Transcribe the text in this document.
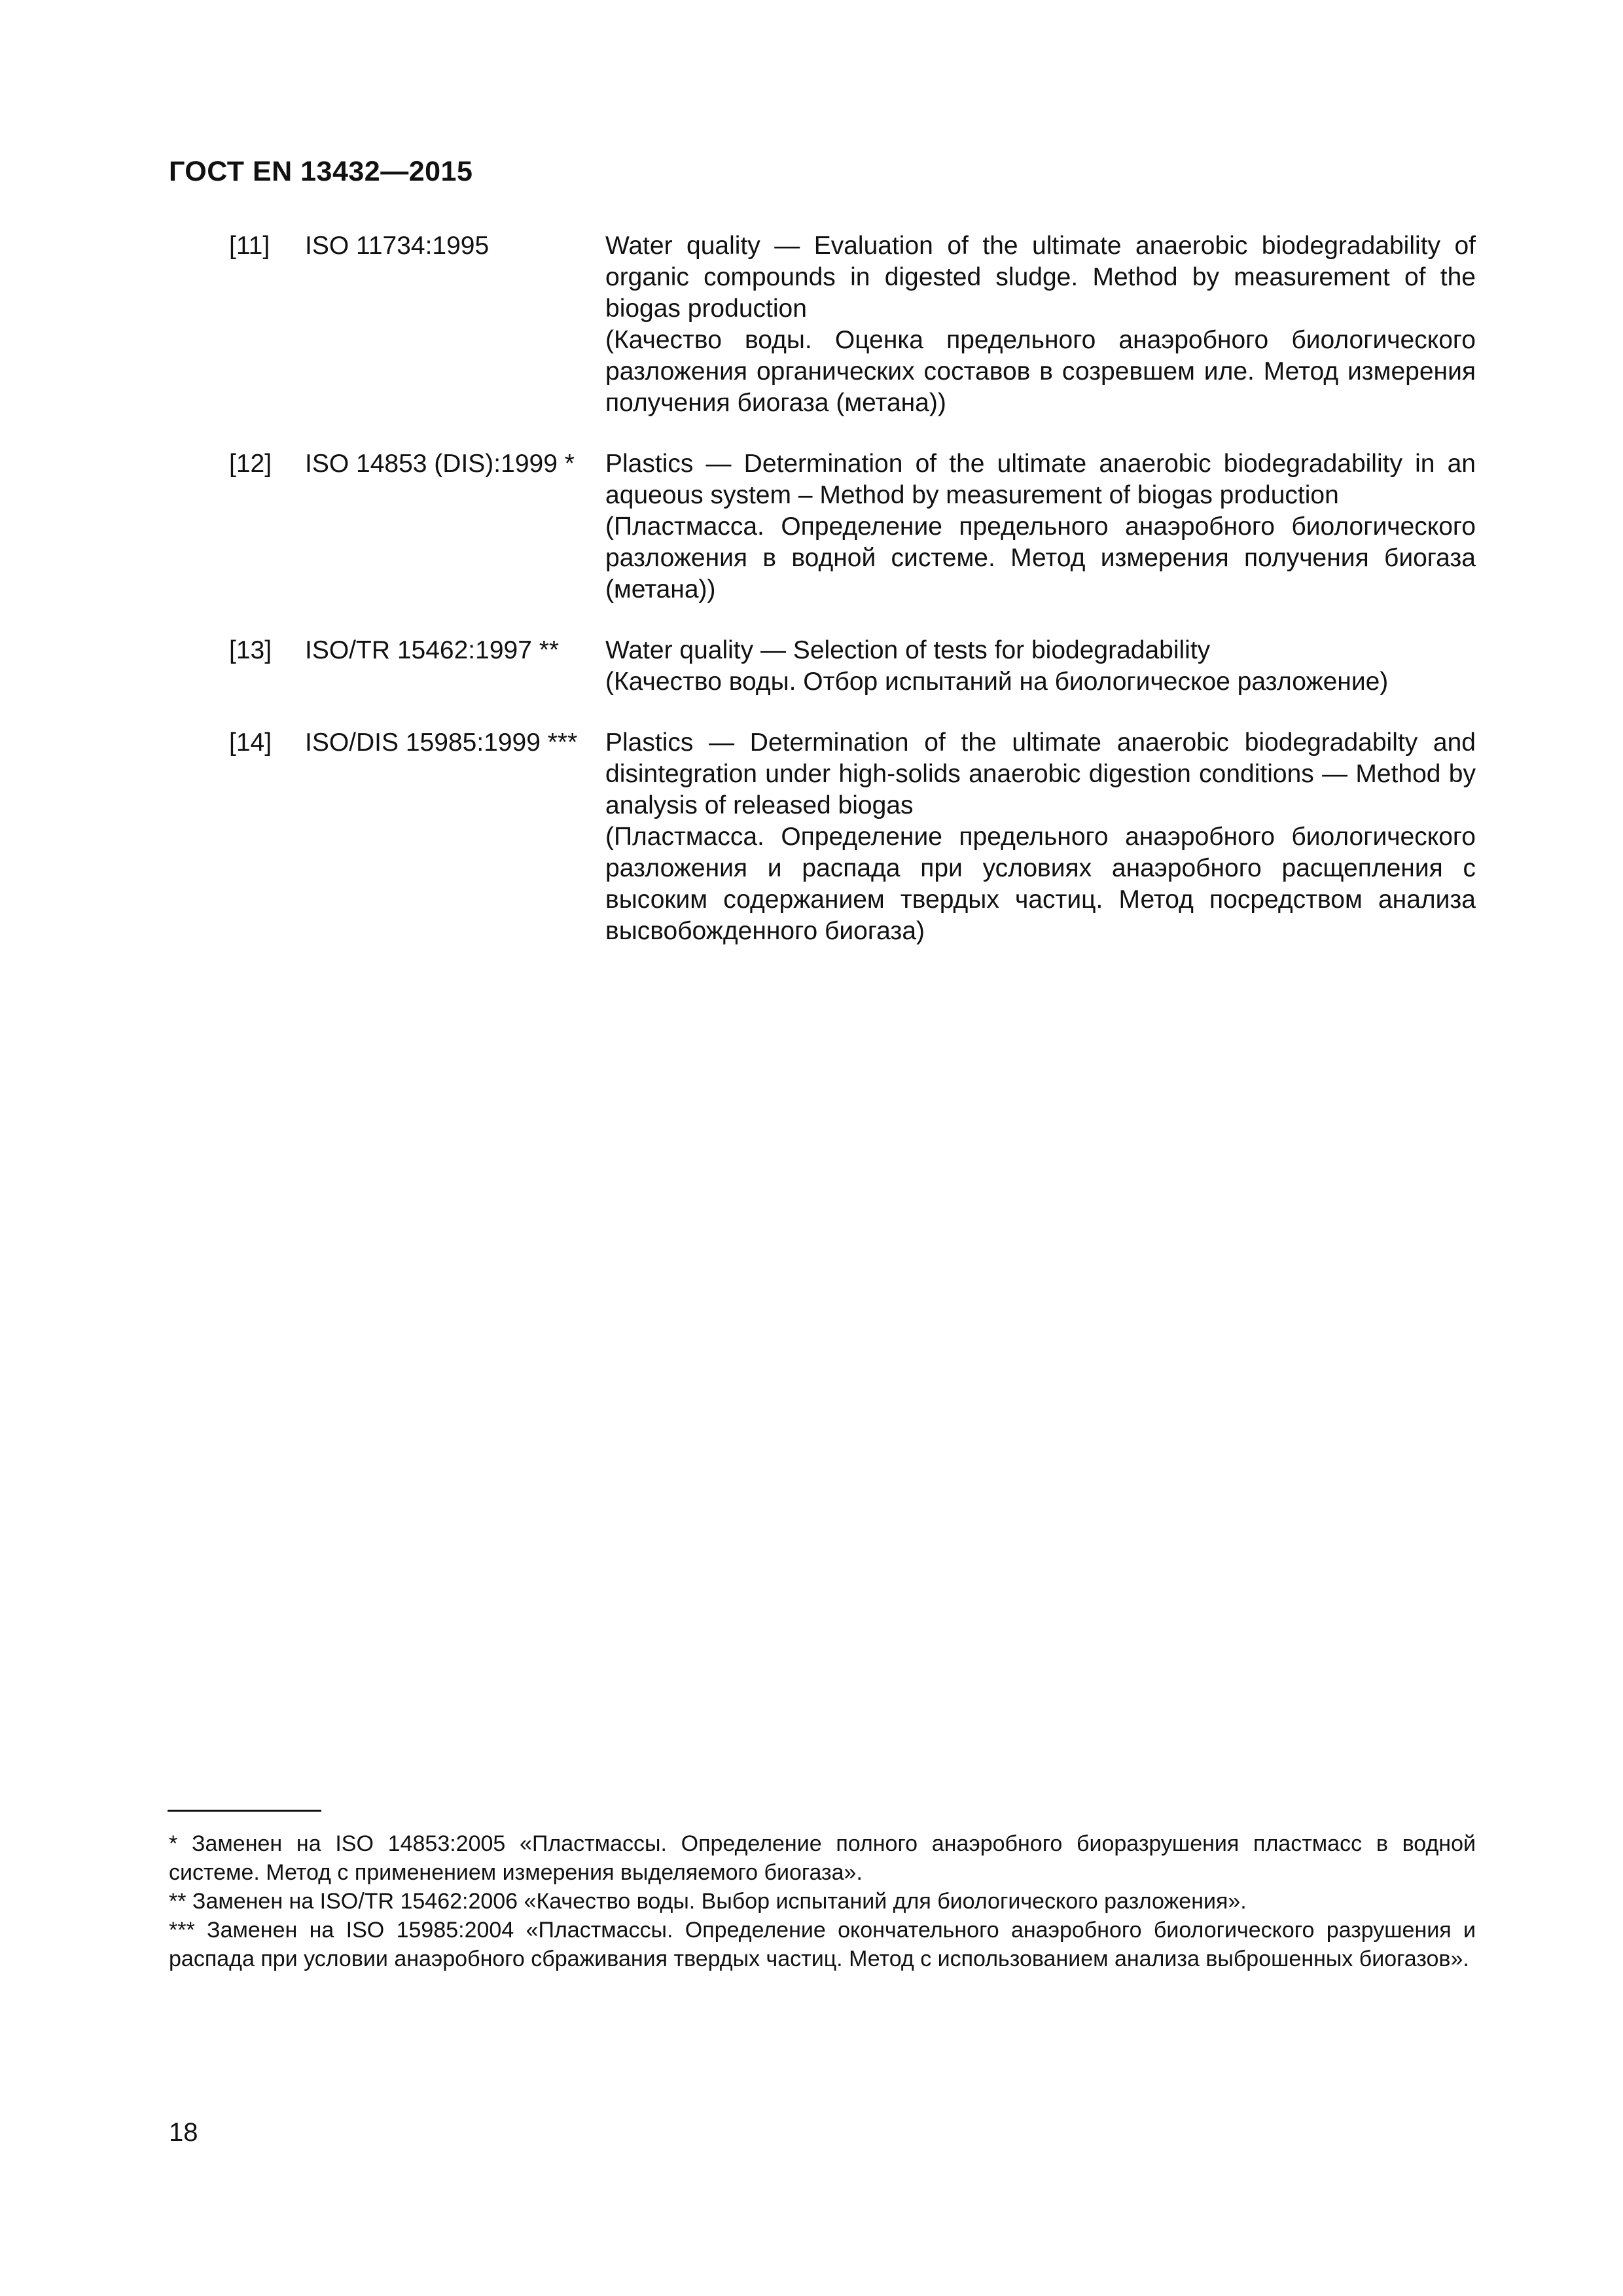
ГОСТ EN 13432—2015
[11] ISO 11734:1995	Water quality — Evaluation of the ultimate anaerobic biodegradability of organic compounds in digested sludge. Method by measurement of the biogas production

(Качество воды. Оценка предельного анаэробного биологического разложения органических составов в созревшем иле. Метод измерения получения биогаза (метана))

[12] ISO 14853 (DIS):1999 * Plastics — Determination of the ultimate anaerobic biodegradability in an aqueous system – Method by measurement of biogas production

(Пластмасса. Определение предельного анаэробного биологического разложения в водной системе. Метод измерения получения биогаза (метана))

[13] ISO/TR 15462:1997 ** Water quality — Selection of tests for biodegradability

(Качество воды. Отбор испытаний на биологическое разложение)

[14] ISO/DIS 15985:1999 *** Plastics — Determination of the ultimate anaerobic biodegradabilty and disintegration under high-solids anaerobic digestion conditions — Method by analysis of released biogas

(Пластмасса. Определение предельного анаэробного биологического разложения и распада при условиях анаэробного расщепления с высоким содержанием твердых частиц. Метод посредством анализа высвобожденного биогаза)

* Заменен на ISO 14853:2005 «Пластмассы. Определение полного анаэробного биоразрушения пластмасс в водной системе. Метод с применением измерения выделяемого биогаза».

** Заменен на ISO/TR 15462:2006 «Качество воды. Выбор испытаний для биологического разложения».

*** Заменен на ISO 15985:2004 «Пластмассы. Определение окончательного анаэробного биологического разрушения и распада при условии анаэробного сбраживания твердых частиц. Метод с использованием анализа выброшенных биогазов».

18
